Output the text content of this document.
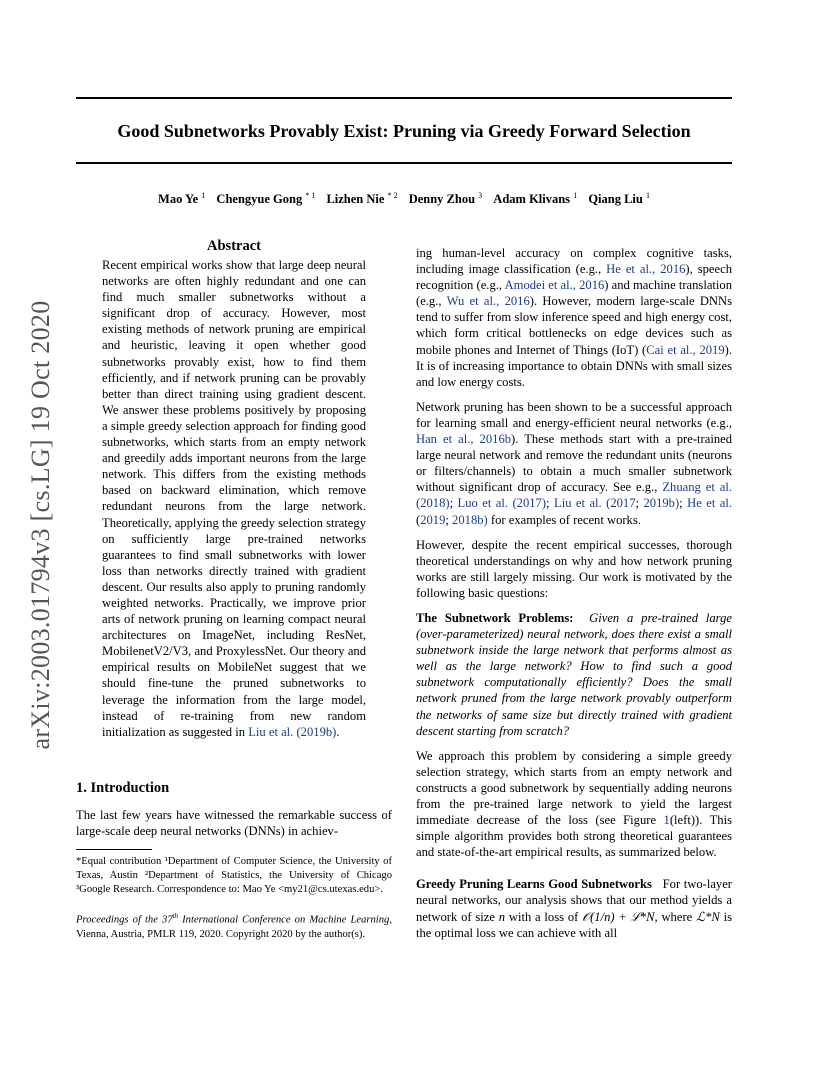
arXiv:2003.01794v3 [cs.LG] 19 Oct 2020
Good Subnetworks Provably Exist: Pruning via Greedy Forward Selection
Mao Ye $^1$ Chengyue Gong $^{* 1}$ Lizhen Nie $^{* 2}$ Denny Zhou $^3$ Adam Klivans $^1$ Qiang Liu $^1$
Abstract
Recent empirical works show that large deep neural networks are often highly redundant and one can find much smaller subnetworks without a significant drop of accuracy. However, most existing methods of network pruning are empirical and heuristic, leaving it open whether good subnetworks provably exist, how to find them efficiently, and if network pruning can be provably better than direct training using gradient descent. We answer these problems positively by proposing a simple greedy selection approach for finding good subnetworks, which starts from an empty network and greedily adds important neurons from the large network. This differs from the existing methods based on backward elimination, which remove redundant neurons from the large network. Theoretically, applying the greedy selection strategy on sufficiently large pre-trained networks guarantees to find small subnetworks with lower loss than networks directly trained with gradient descent. Our results also apply to pruning randomly weighted networks. Practically, we improve prior arts of network pruning on learning compact neural architectures on ImageNet, including ResNet, MobilenetV2/V3, and ProxylessNet. Our theory and empirical results on MobileNet suggest that we should fine-tune the pruned subnetworks to leverage the information from the large model, instead of re-training from new random initialization as suggested in Liu et al. (2019b).
1. Introduction

The last few years have witnessed the remarkable success of large-scale deep neural networks (DNNs) in achiev-

*Equal contribution ¹Department of Computer Science, the University of Texas, Austin ²Department of Statistics, the University of Chicago ³Google Research. Correspondence to: Mao Ye <my21@cs.utexas.edu>.
Proceedings of the 37th International Conference on Machine Learning, Vienna, Austria, PMLR 119, 2020. Copyright 2020 by the author(s).

ing human-level accuracy on complex cognitive tasks, including image classification (e.g., He et al., 2016), speech recognition (e.g., Amodei et al., 2016) and machine translation (e.g., Wu et al., 2016). However, modern large-scale DNNs tend to suffer from slow inference speed and high energy cost, which form critical bottlenecks on edge devices such as mobile phones and Internet of Things (IoT) (Cai et al., 2019). It is of increasing importance to obtain DNNs with small sizes and low energy costs.

Network pruning has been shown to be a successful approach for learning small and energy-efficient neural networks (e.g., Han et al., 2016b). These methods start with a pre-trained large neural network and remove the redundant units (neurons or filters/channels) to obtain a much smaller subnetwork without significant drop of accuracy. See e.g., Zhuang et al. (2018); Luo et al. (2017); Liu et al. (2017; 2019b); He et al. (2019; 2018b) for examples of recent works.

However, despite the recent empirical successes, thorough theoretical understandings on why and how network pruning works are still largely missing. Our work is motivated by the following basic questions:

The Subnetwork Problems: Given a pre-trained large (over-parameterized) neural network, does there exist a small subnetwork inside the large network that performs almost as well as the large network? How to find such a good subnetwork computationally efficiently? Does the small network pruned from the large network provably outperform the networks of same size but directly trained with gradient descent starting from scratch?

We approach this problem by considering a simple greedy selection strategy, which starts from an empty network and constructs a good subnetwork by sequentially adding neurons from the pre-trained large network to yield the largest immediate decrease of the loss (see Figure 1(left)). This simple algorithm provides both strong theoretical guarantees and state-of-the-art empirical results, as summarized below.

Greedy Pruning Learns Good Subnetworks For two-layer neural networks, our analysis shows that our method yields a network of size n with a loss of 𝒪(1/n) + ℒ*N, where ℒ*N is the optimal loss we can achieve with all
